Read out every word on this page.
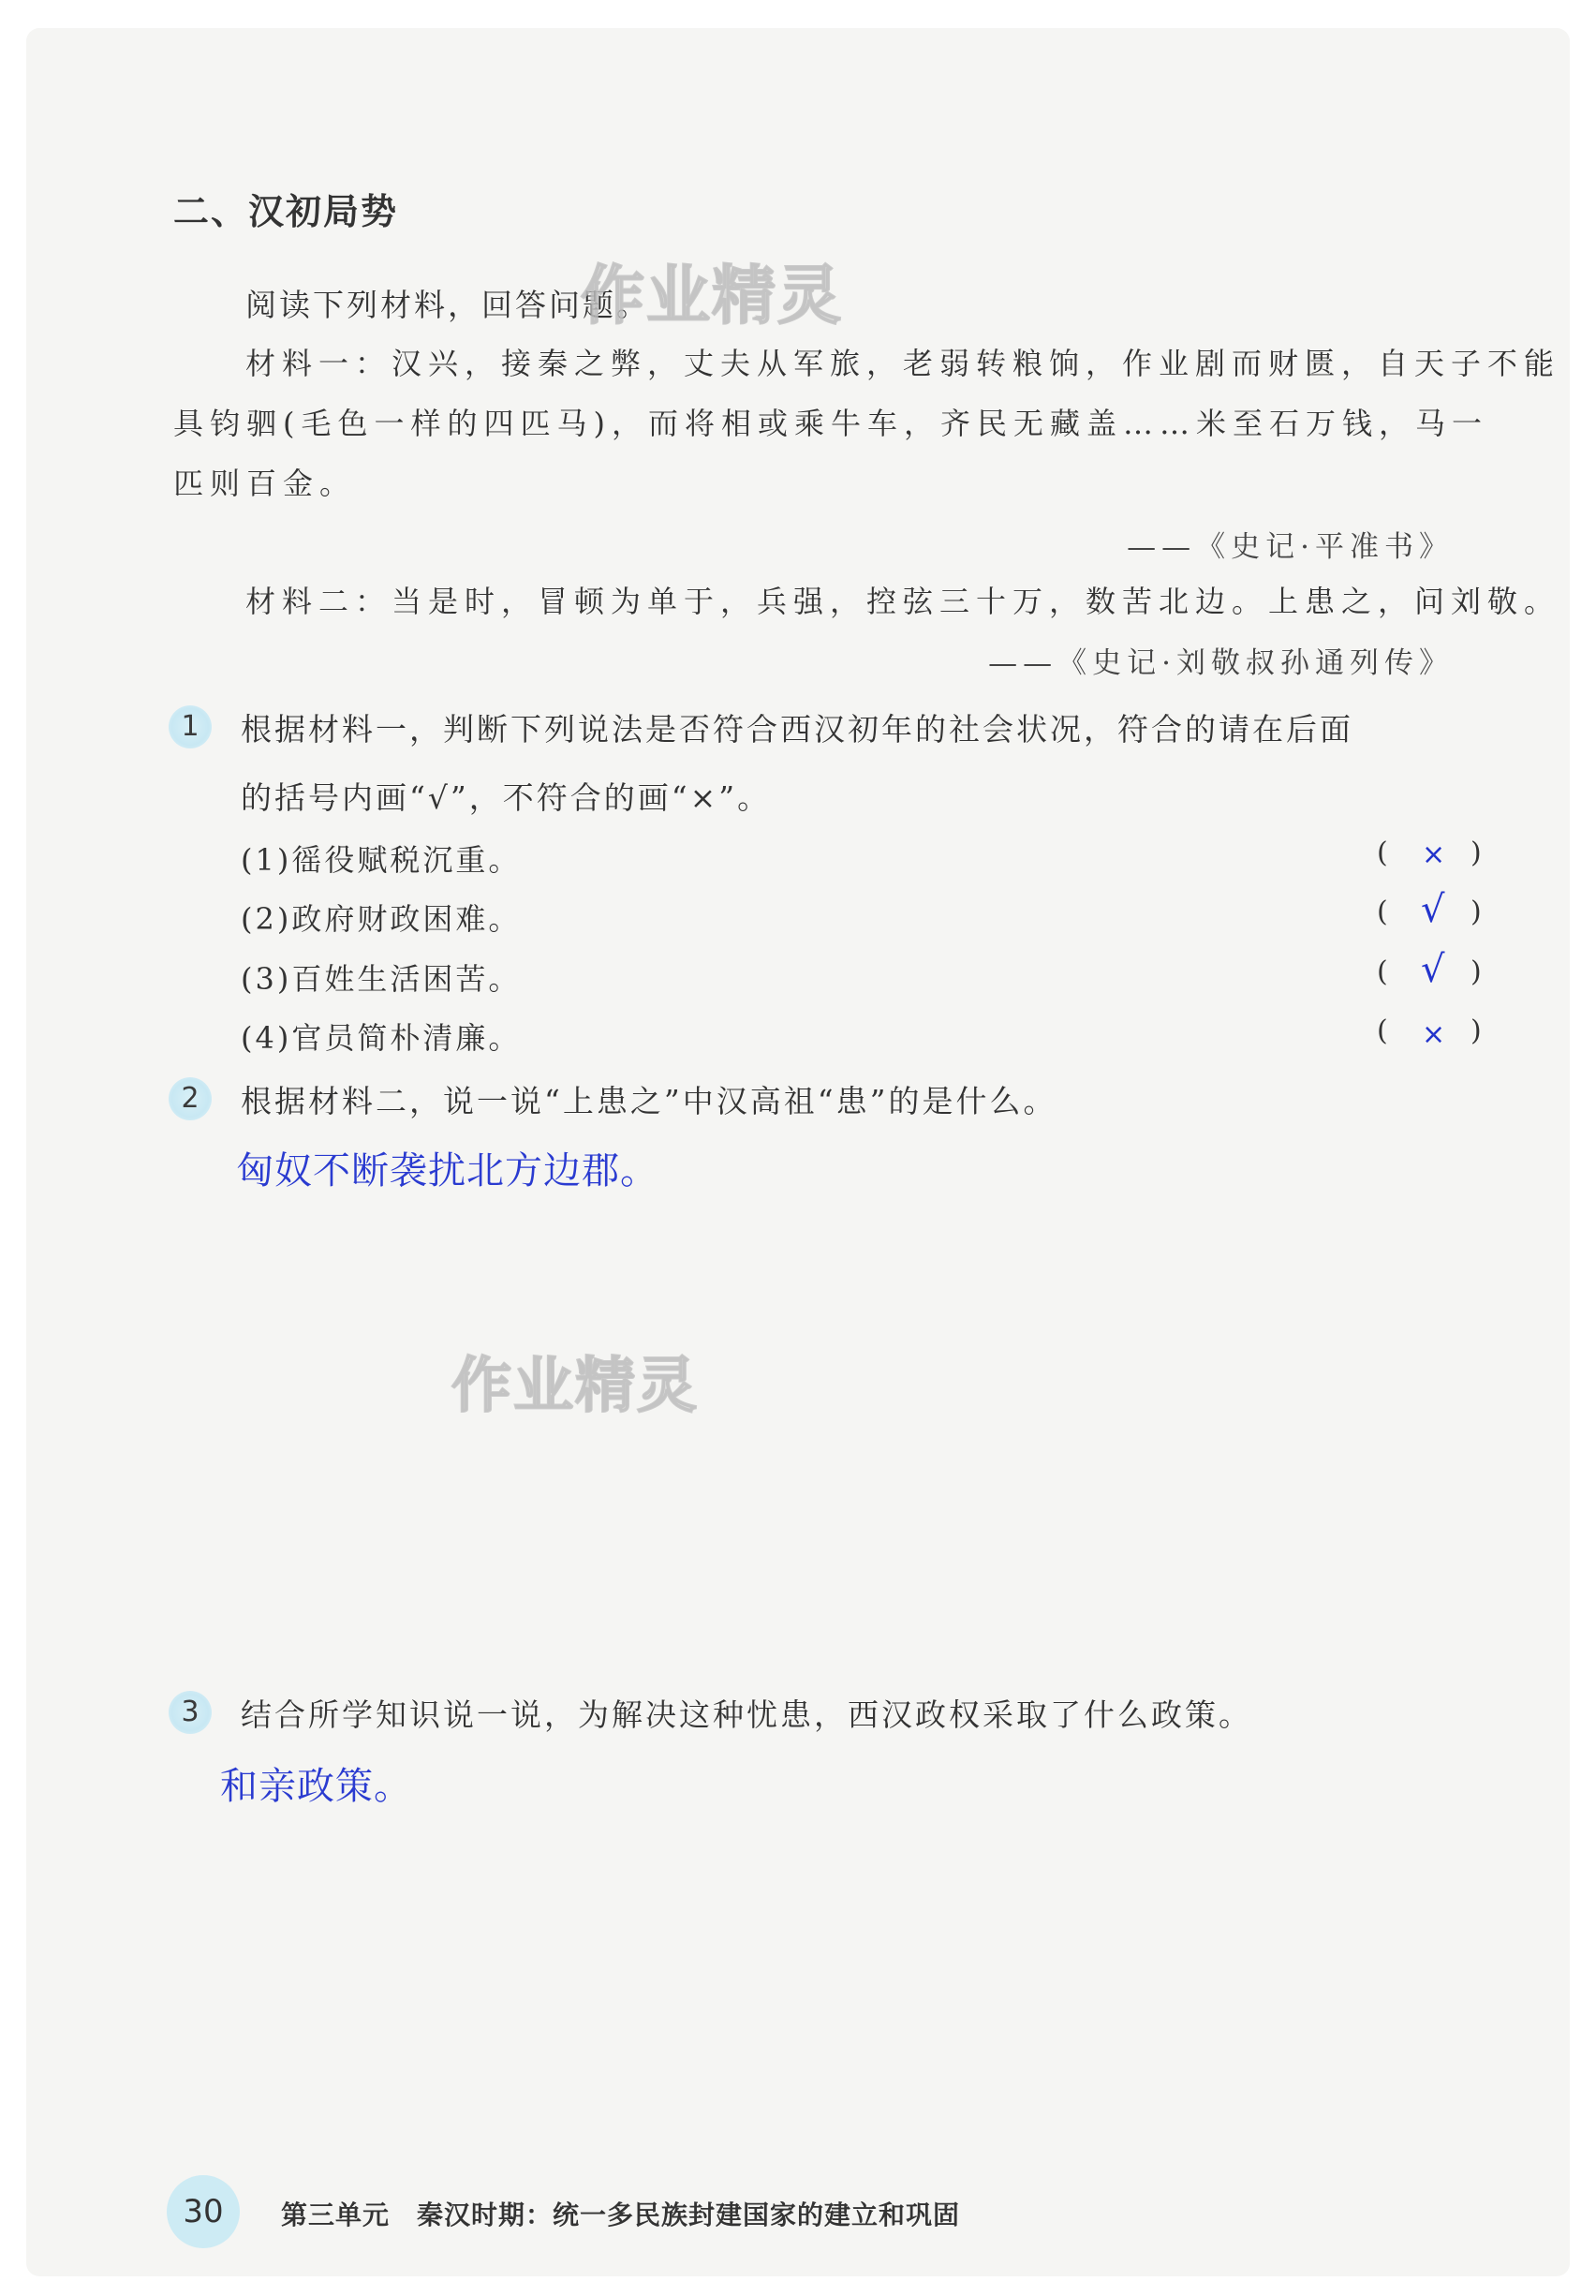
二、汉初局势
阅读下列材料，回答问题。
作业精灵
材料一：汉兴，接秦之弊，丈夫从军旅，老弱转粮饷，作业剧而财匮，自天子不能
具钧驷(毛色一样的四匹马)，而将相或乘牛车，齐民无藏盖……米至石万钱，马一
匹则百金。
——《史记·平准书》
材料二：当是时，冒顿为单于，兵强，控弦三十万，数苦北边。上患之，问刘敬。
——《史记·刘敬叔孙通列传》
1	根据材料一，判断下列说法是否符合西汉初年的社会状况，符合的请在后面
的括号内画“√”，不符合的画“×”。
(1)徭役赋税沉重。	( × )
(2)政府财政困难。	( √ )
(3)百姓生活困苦。	( √ )
(4)官员简朴清廉。	( × )
2	根据材料二，说一说“上患之”中汉高祖“患”的是什么。
匈奴不断袭扰北方边郡。
作业精灵
3	结合所学知识说一说，为解决这种忧患，西汉政权采取了什么政策。
和亲政策。
30	第三单元　秦汉时期：统一多民族封建国家的建立和巩固
